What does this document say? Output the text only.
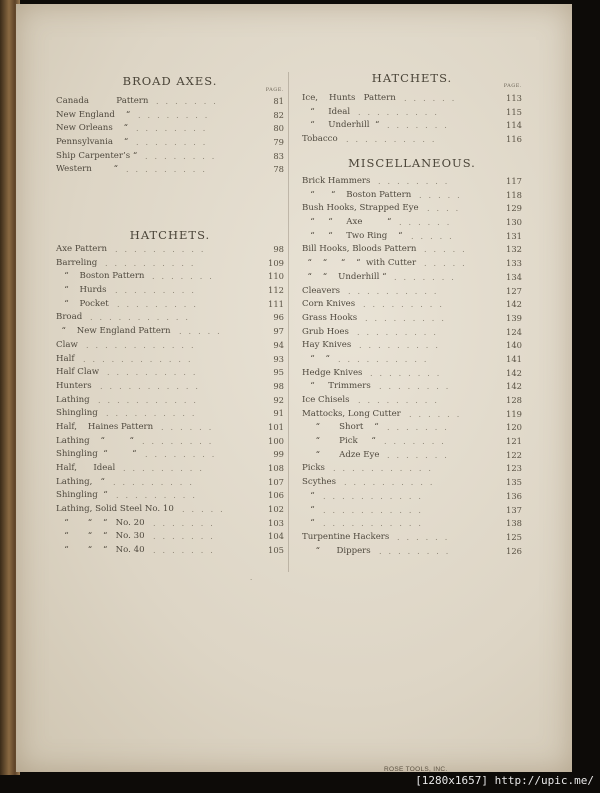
BROAD AXES.
PAGE.
Canada          Pattern .......	81
New England    “ ........	82
New Orleans    “ ........	80
Pennsylvania    “ ........	79
Ship Carpenter’s “ ........	83
Western        “ .........	78
HATCHETS.
Axe Pattern ..........	98
Barreling ..........	109
“    Boston Pattern .......	110
“    Hurds .........	112
“    Pocket .........	111
Broad ...........	96
“    New England Pattern .....	97
Claw ............	94
Half ............	93
Half Claw ..........	95
Hunters ...........	98
Lathing ...........	92
Shingling ..........	91
Half,    Haines Pattern ......	101
Lathing    “         “ ........	100
Shingling  “         “ ........	99
Half,      Ideal .........	108
Lathing,   “ .........	107
Shingling  “ .........	106
Lathing, Solid Steel No. 10 .....	102
“       “    “   No. 20 .......	103
“       “    “   No. 30 .......	104
“       “    “   No. 40 .......	105
HATCHETS.
PAGE.
Ice,    Hunts   Pattern ......	113
“     Ideal .........	115
“     Underhill  “ .......	114
Tobacco ..........	116
MISCELLANEOUS.
Brick Hammers ........	117
“      “    Boston Pattern .....	118
Bush Hooks, Strapped Eye ....	129
“     “     Axe         “ ......	130
“     “     Two Ring    “ .....	131
Bill Hooks, Bloods Pattern .....	132
“    “     “    “  with Cutter .....	133
“    “    Underhill “ .......	134
Cleavers ..........	127
Corn Knives .........	142
Grass Hooks .........	139
Grub Hoes .........	124
Hay Knives .........	140
“    “ ..........	141
Hedge Knives ........	142
“     Trimmers ........	142
Ice Chisels .........	128
Mattocks, Long Cutter ......	119
“       Short    “ .......	120
“       Pick     “ .......	121
“       Adze Eye .......	122
Picks ...........	123
Scythes ..........	135
“ ...........	136
“ ...........	137
“ ...........	138
Turpentine Hackers ......	125
“      Dippers ........	126
.
ROSE TOOLS, INC.
[1280x1657] http://upic.me/
